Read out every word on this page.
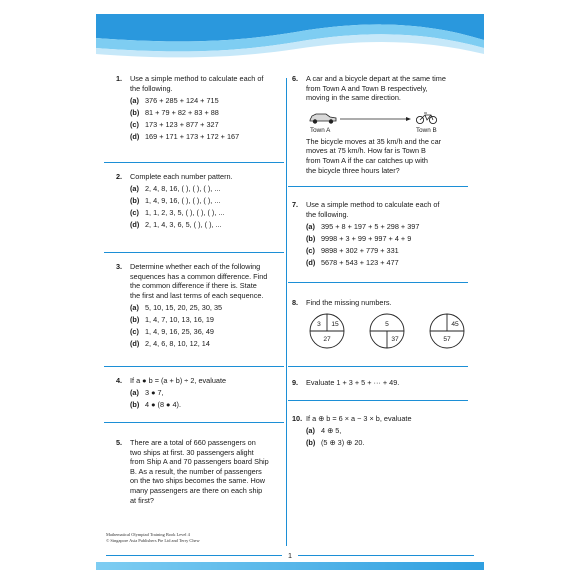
1. Use a simple method to calculate each of
the following.
(a) 376 + 285 + 124 + 715
(b) 81 + 79 + 82 + 83 + 88
(c) 173 + 123 + 877 + 327
(d) 169 + 171 + 173 + 172 + 167
2. Complete each number pattern.
(a) 2, 4, 8, 16, ( ), ( ), ( ), ...
(b) 1, 4, 9, 16, ( ), ( ), ( ), ...
(c) 1, 1, 2, 3, 5, ( ), ( ), ( ), ...
(d) 2, 1, 4, 3, 6, 5, ( ), ( ), ...
3. Determine whether each of the following
sequences has a common difference. Find
the common difference if there is. State
the first and last terms of each sequence.
(a) 5, 10, 15, 20, 25, 30, 35
(b) 1, 4, 7, 10, 13, 16, 19
(c) 1, 4, 9, 16, 25, 36, 49
(d) 2, 4, 6, 8, 10, 12, 14
4. If a ● b = (a + b) ÷ 2, evaluate
(a) 3 ● 7,
(b) 4 ● (8 ● 4).
5. There are a total of 660 passengers on
two ships at first. 30 passengers alight
from Ship A and 70 passengers board Ship
B. As a result, the number of passengers
on the two ships becomes the same. How
many passengers are there on each ship
at first?
6. A car and a bicycle depart at the same time
from Town A and Town B respectively,
moving in the same direction.
Town A	Town B
The bicycle moves at 35 km/h and the car
moves at 75 km/h. How far is Town B
from Town A if the car catches up with
the bicycle three hours later?
7. Use a simple method to calculate each of
the following.
(a) 395 + 8 + 197 + 5 + 298 + 397
(b) 9998 + 3 + 99 + 997 + 4 + 9
(c) 9898 + 302 + 779 + 331
(d) 5678 + 543 + 123 + 477
8. Find the missing numbers.
3	15
27
5
37
45
57
9. Evaluate 1 + 3 + 5 + ··· + 49.
10. If a ⊕ b = 6 × a − 3 × b, evaluate
(a) 4 ⊕ 5,
(b) (5 ⊕ 3) ⊕ 20.
Mathematical Olympiad Training Book Level 4
© Singapore Asia Publishers Pte Ltd and Terry Chew
1
